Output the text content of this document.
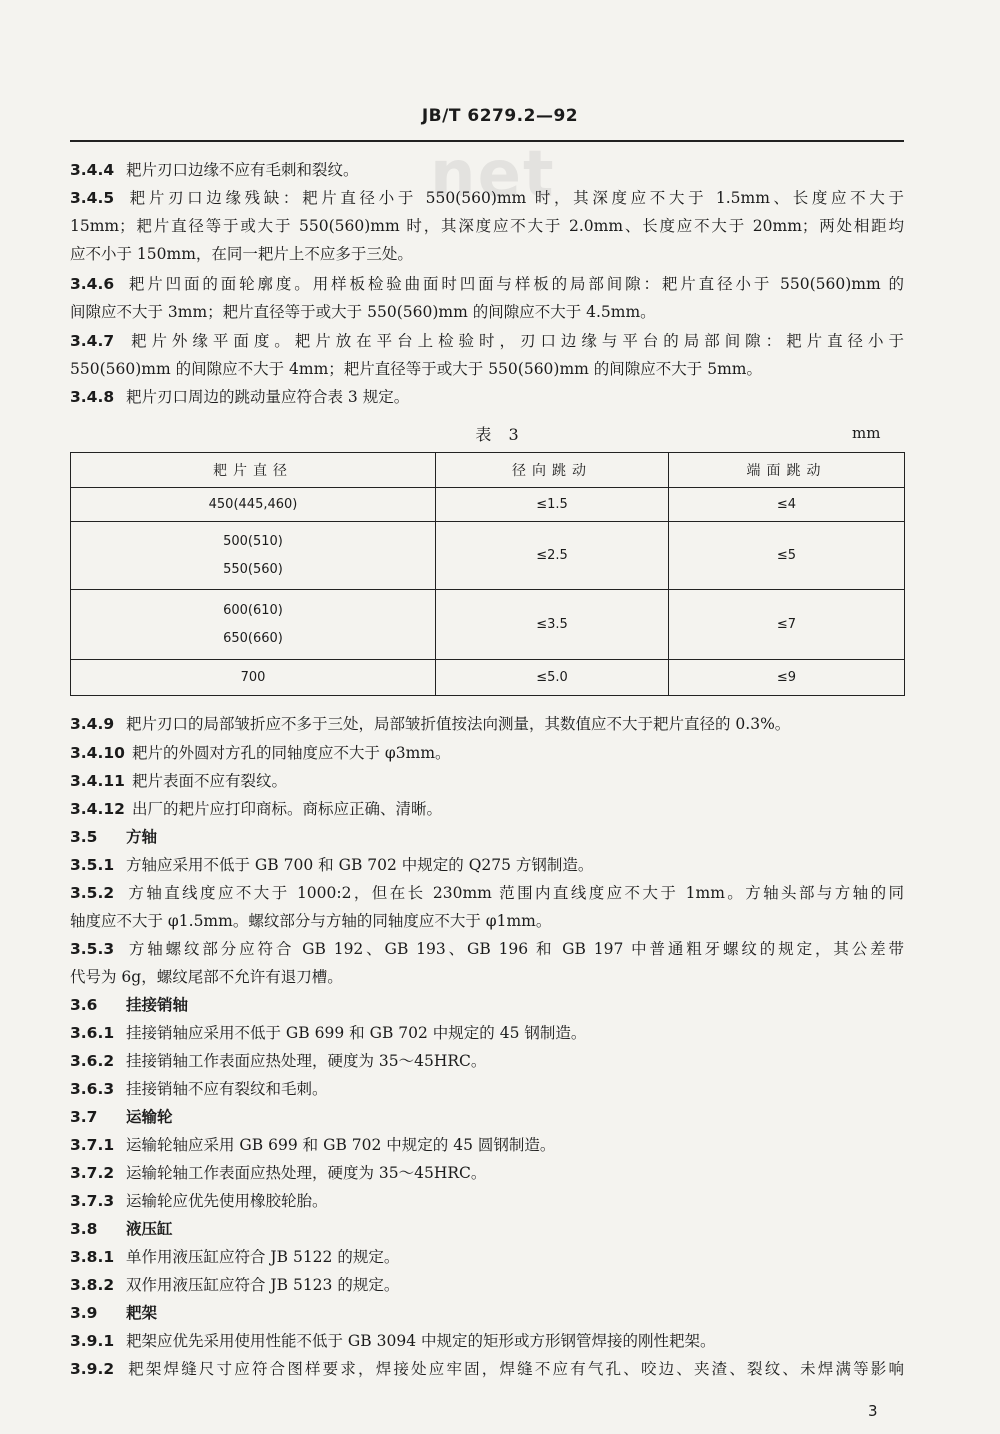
JB/T 6279.2—92
net
3.4.4 耙片刃口边缘不应有毛刺和裂纹。
3.4.5 耙片刃口边缘残缺：耙片直径小于 550(560)mm 时，其深度应不大于 1.5mm、长度应不大于
15mm；耙片直径等于或大于 550(560)mm 时，其深度应不大于 2.0mm、长度应不大于 20mm；两处相距均
应不小于 150mm，在同一耙片上不应多于三处。
3.4.6 耙片凹面的面轮廓度。用样板检验曲面时凹面与样板的局部间隙：耙片直径小于 550(560)mm 的
间隙应不大于 3mm；耙片直径等于或大于 550(560)mm 的间隙应不大于 4.5mm。
3.4.7 耙片外缘平面度。耙片放在平台上检验时，刃口边缘与平台的局部间隙：耙片直径小于
550(560)mm 的间隙应不大于 4mm；耙片直径等于或大于 550(560)mm 的间隙应不大于 5mm。
3.4.8 耙片刃口周边的跳动量应符合表 3 规定。
表 3	mm
耙片直径	径向跳动	端面跳动

450(445,460)	≤1.5	≤4

500(510)
550(560)	≤2.5	≤5

600(610)
650(660)	≤3.5	≤7

700	≤5.0	≤9
3.4.9 耙片刃口的局部皱折应不多于三处，局部皱折值按法向测量，其数值应不大于耙片直径的 0.3%。
3.4.10 耙片的外圆对方孔的同轴度应不大于 φ3mm。
3.4.11 耙片表面不应有裂纹。
3.4.12 出厂的耙片应打印商标。商标应正确、清晰。
3.5 方轴
3.5.1 方轴应采用不低于 GB 700 和 GB 702 中规定的 Q275 方钢制造。
3.5.2 方轴直线度应不大于 1000:2，但在长 230mm 范围内直线度应不大于 1mm。方轴头部与方轴的同
轴度应不大于 φ1.5mm。螺纹部分与方轴的同轴度应不大于 φ1mm。
3.5.3 方轴螺纹部分应符合 GB 192、GB 193、GB 196 和 GB 197 中普通粗牙螺纹的规定，其公差带
代号为 6g，螺纹尾部不允许有退刀槽。
3.6 挂接销轴
3.6.1 挂接销轴应采用不低于 GB 699 和 GB 702 中规定的 45 钢制造。
3.6.2 挂接销轴工作表面应热处理，硬度为 35～45HRC。
3.6.3 挂接销轴不应有裂纹和毛刺。
3.7 运输轮
3.7.1 运输轮轴应采用 GB 699 和 GB 702 中规定的 45 圆钢制造。
3.7.2 运输轮轴工作表面应热处理，硬度为 35～45HRC。
3.7.3 运输轮应优先使用橡胶轮胎。
3.8 液压缸
3.8.1 单作用液压缸应符合 JB 5122 的规定。
3.8.2 双作用液压缸应符合 JB 5123 的规定。
3.9 耙架
3.9.1 耙架应优先采用使用性能不低于 GB 3094 中规定的矩形或方形钢管焊接的刚性耙架。
3.9.2 耙架焊缝尺寸应符合图样要求，焊接处应牢固，焊缝不应有气孔、咬边、夹渣、裂纹、未焊满等影响
3
